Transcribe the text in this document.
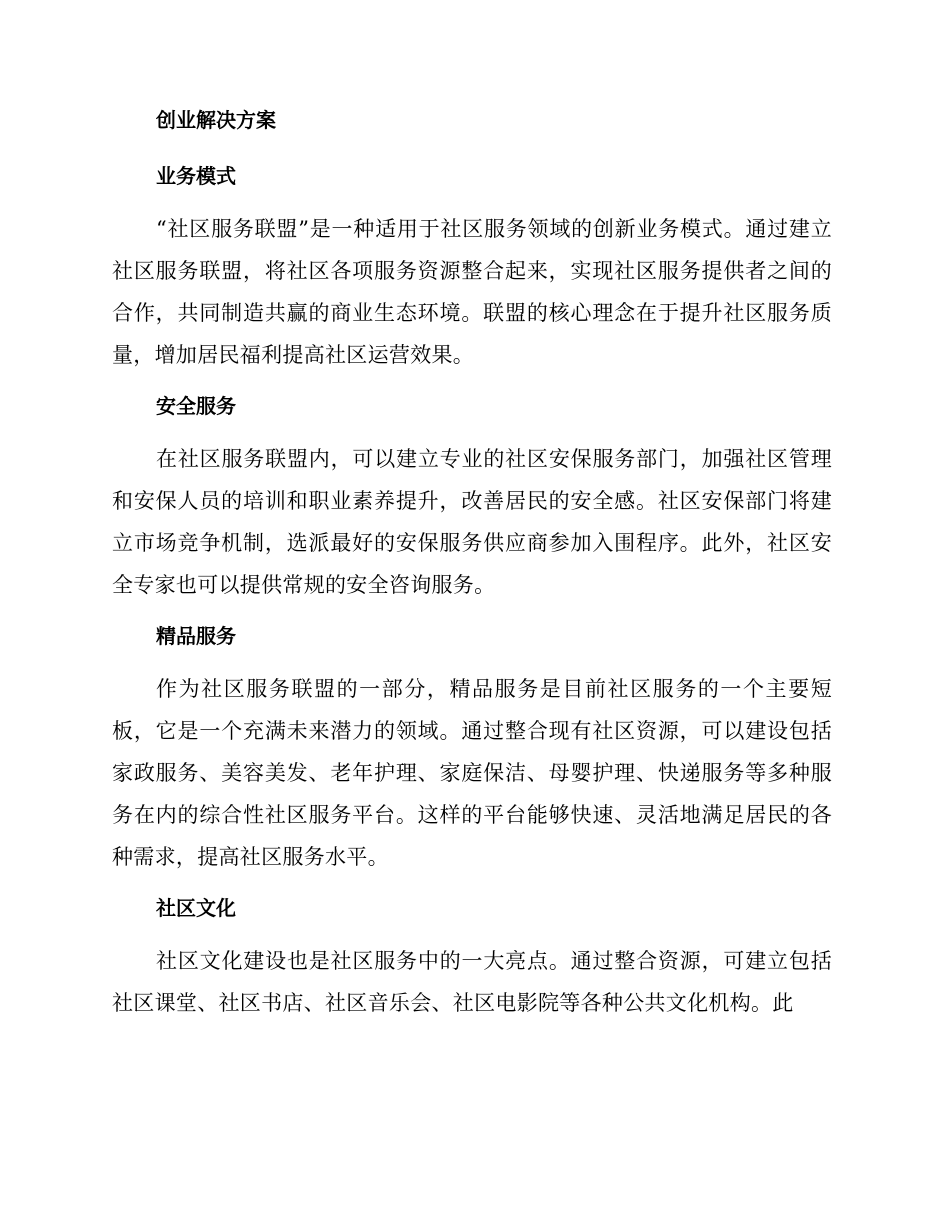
创业解决方案
业务模式

“社区服务联盟”是一种适用于社区服务领域的创新业务模式。通过建立社区服务联盟，将社区各项服务资源整合起来，实现社区服务提供者之间的合作，共同制造共赢的商业生态环境。联盟的核心理念在于提升社区服务质量，增加居民福利提高社区运营效果。

安全服务

在社区服务联盟内，可以建立专业的社区安保服务部门，加强社区管理和安保人员的培训和职业素养提升，改善居民的安全感。社区安保部门将建立市场竞争机制，选派最好的安保服务供应商参加入围程序。此外，社区安全专家也可以提供常规的安全咨询服务。

精品服务

作为社区服务联盟的一部分，精品服务是目前社区服务的一个主要短板，它是一个充满未来潜力的领域。通过整合现有社区资源，可以建设包括家政服务、美容美发、老年护理、家庭保洁、母婴护理、快递服务等多种服务在内的综合性社区服务平台。这样的平台能够快速、灵活地满足居民的各种需求，提高社区服务水平。

社区文化

社区文化建设也是社区服务中的一大亮点。通过整合资源，可建立包括社区课堂、社区书店、社区音乐会、社区电影院等各种公共文化机构。此
